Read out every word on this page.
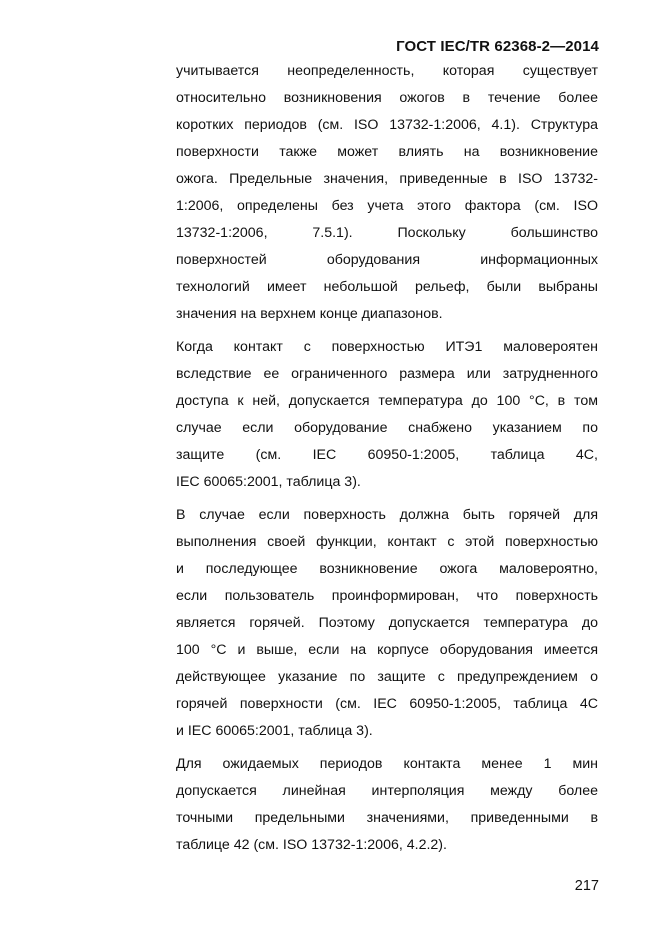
ГОСТ IEC/TR 62368-2—2014
учитывается неопределенность, которая существует
относительно возникновения ожогов в течение более
коротких периодов (см. ISO 13732-1:2006, 4.1). Структура
поверхности также может влиять на возникновение
ожога. Предельные значения, приведенные в ISO 13732-
1:2006, определены без учета этого фактора (см. ISO
13732-1:2006, 7.5.1). Поскольку большинство
поверхностей оборудования информационных
технологий имеет небольшой рельеф, были выбраны
значения на верхнем конце диапазонов.
Когда контакт с поверхностью ИТЭ1 маловероятен
вследствие ее ограниченного размера или затрудненного
доступа к ней, допускается температура до 100 °С, в том
случае если оборудование снабжено указанием по
защите (см. IEC 60950-1:2005, таблица 4С,
IEC 60065:2001, таблица 3).
В случае если поверхность должна быть горячей для
выполнения своей функции, контакт с этой поверхностью
и последующее возникновение ожога маловероятно,
если пользователь проинформирован, что поверхность
является горячей. Поэтому допускается температура до
100 °С и выше, если на корпусе оборудования имеется
действующее указание по защите с предупреждением о
горячей поверхности (см. IEC 60950-1:2005, таблица 4С
и IEC 60065:2001, таблица 3).
Для ожидаемых периодов контакта менее 1 мин
допускается линейная интерполяция между более
точными предельными значениями, приведенными в
таблице 42 (см. ISO 13732-1:2006, 4.2.2).
217
